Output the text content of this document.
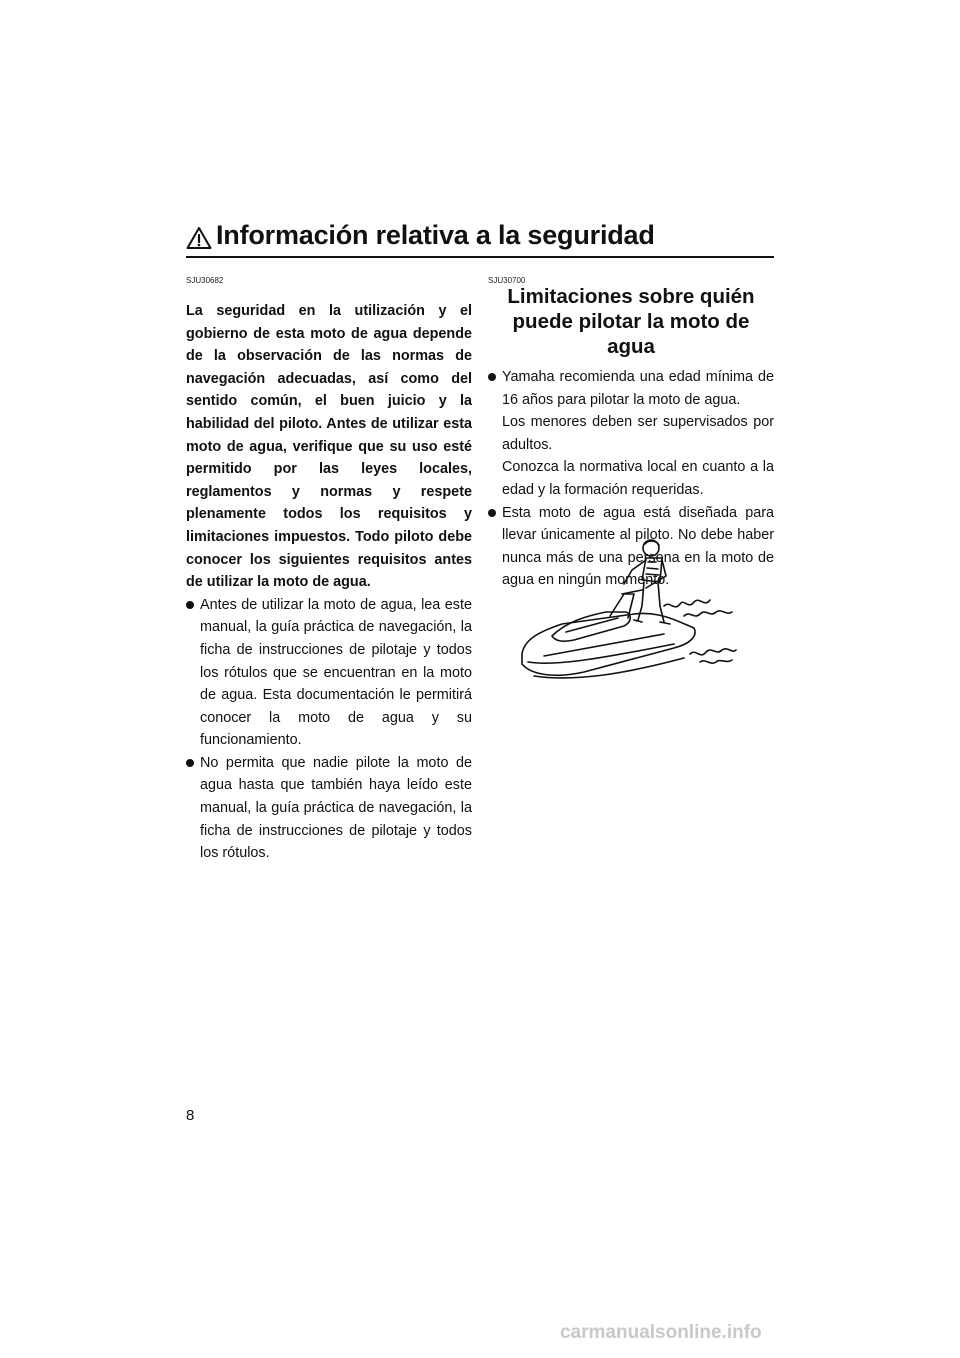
Información relativa a la seguridad
SJU30682	SJU30700

La seguridad en la utilización y el gobierno de esta moto de agua depende de la observación de las normas de navegación adecuadas, así como del sentido común, el buen juicio y la habilidad del piloto. Antes de utilizar esta moto de agua, verifique que su uso esté permitido por las leyes locales, reglamentos y normas y respete plenamente todos los requisitos y limitaciones impuestos. Todo piloto debe conocer los siguientes requisitos antes de utilizar la moto de agua.

Antes de utilizar la moto de agua, lea este manual, la guía práctica de navegación, la ficha de instrucciones de pilotaje y todos los rótulos que se encuentran en la moto de agua. Esta documentación le permitirá conocer la moto de agua y su funcionamiento.

No permita que nadie pilote la moto de agua hasta que también haya leído este manual, la guía práctica de navegación, la ficha de instrucciones de pilotaje y todos los rótulos.

Limitaciones sobre quién
puede pilotar la moto de agua

Yamaha recomienda una edad mínima de 16 años para pilotar la moto de agua.

Los menores deben ser supervisados por adultos.

Conozca la normativa local en cuanto a la edad y la formación requeridas.

Esta moto de agua está diseñada para llevar únicamente al piloto. No debe haber nunca más de una persona en la moto de agua en ningún momento.

8
carmanualsonline.info
